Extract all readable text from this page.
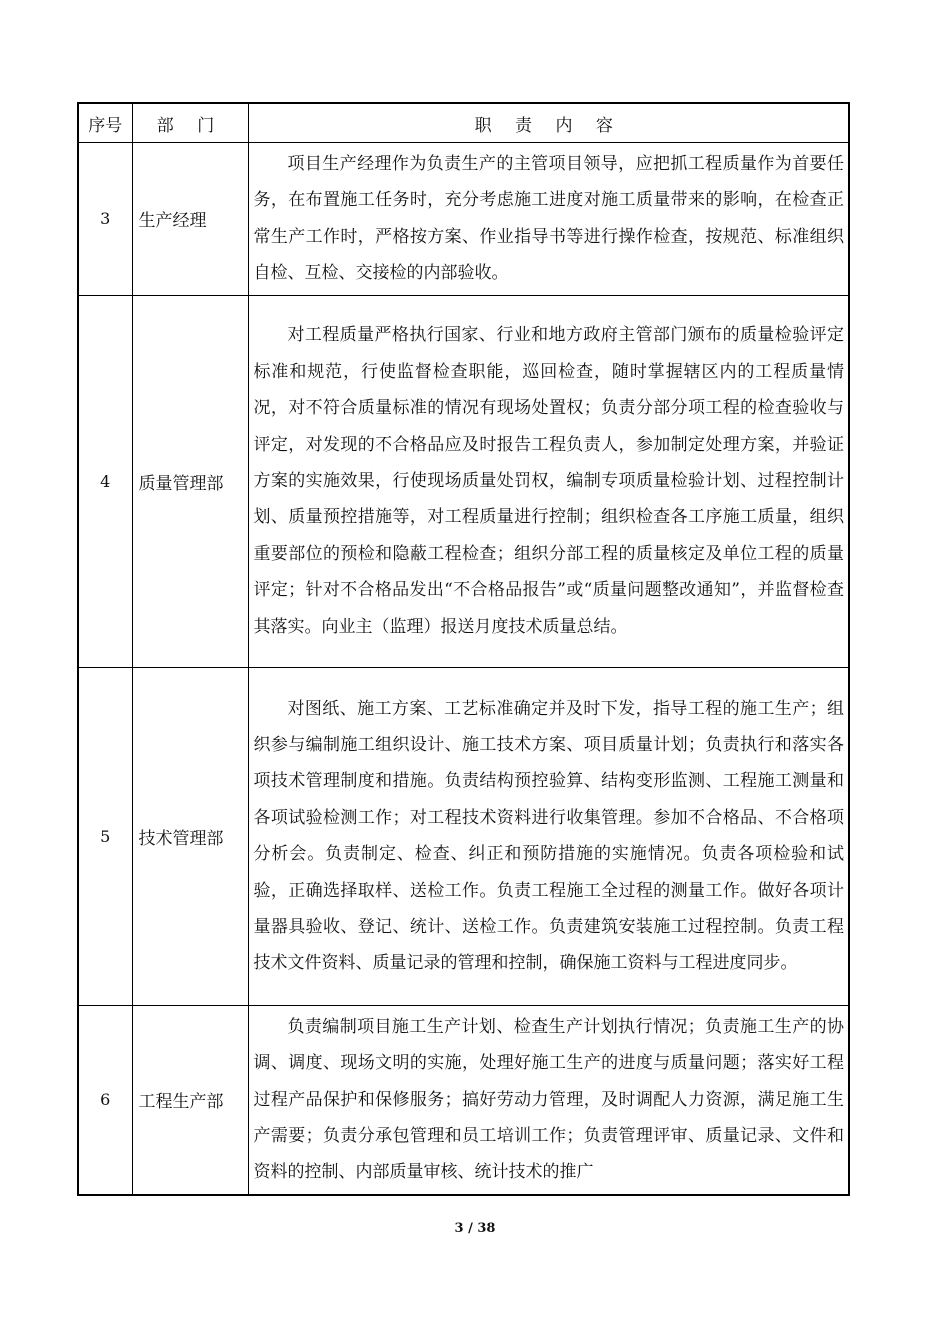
序号	部 门	职 责 内 容
3	生产经理	项目生产经理作为负责生产的主管项目领导，应把抓工程质量作为首要任务，在布置施工任务时，充分考虑施工进度对施工质量带来的影响，在检查正常生产工作时，严格按方案、作业指导书等进行操作检查，按规范、标准组织自检、互检、交接检的内部验收。
4	质量管理部	对工程质量严格执行国家、行业和地方政府主管部门颁布的质量检验评定标准和规范，行使监督检查职能，巡回检查，随时掌握辖区内的工程质量情况，对不符合质量标准的情况有现场处置权；负责分部分项工程的检查验收与评定，对发现的不合格品应及时报告工程负责人，参加制定处理方案，并验证方案的实施效果，行使现场质量处罚权，编制专项质量检验计划、过程控制计划、质量预控措施等，对工程质量进行控制；组织检查各工序施工质量，组织重要部位的预检和隐蔽工程检查；组织分部工程的质量核定及单位工程的质量评定；针对不合格品发出“不合格品报告”或“质量问题整改通知”，并监督检查其落实。向业主（监理）报送月度技术质量总结。
5	技术管理部	对图纸、施工方案、工艺标准确定并及时下发，指导工程的施工生产；组织参与编制施工组织设计、施工技术方案、项目质量计划；负责执行和落实各项技术管理制度和措施。负责结构预控验算、结构变形监测、工程施工测量和各项试验检测工作；对工程技术资料进行收集管理。参加不合格品、不合格项分析会。负责制定、检查、纠正和预防措施的实施情况。负责各项检验和试验，正确选择取样、送检工作。负责工程施工全过程的测量工作。做好各项计量器具验收、登记、统计、送检工作。负责建筑安装施工过程控制。负责工程技术文件资料、质量记录的管理和控制，确保施工资料与工程进度同步。
6	工程生产部	负责编制项目施工生产计划、检查生产计划执行情况；负责施工生产的协调、调度、现场文明的实施，处理好施工生产的进度与质量问题；落实好工程过程产品保护和保修服务；搞好劳动力管理，及时调配人力资源，满足施工生产需要；负责分承包管理和员工培训工作；负责管理评审、质量记录、文件和资料的控制、内部质量审核、统计技术的推广
3 / 38
